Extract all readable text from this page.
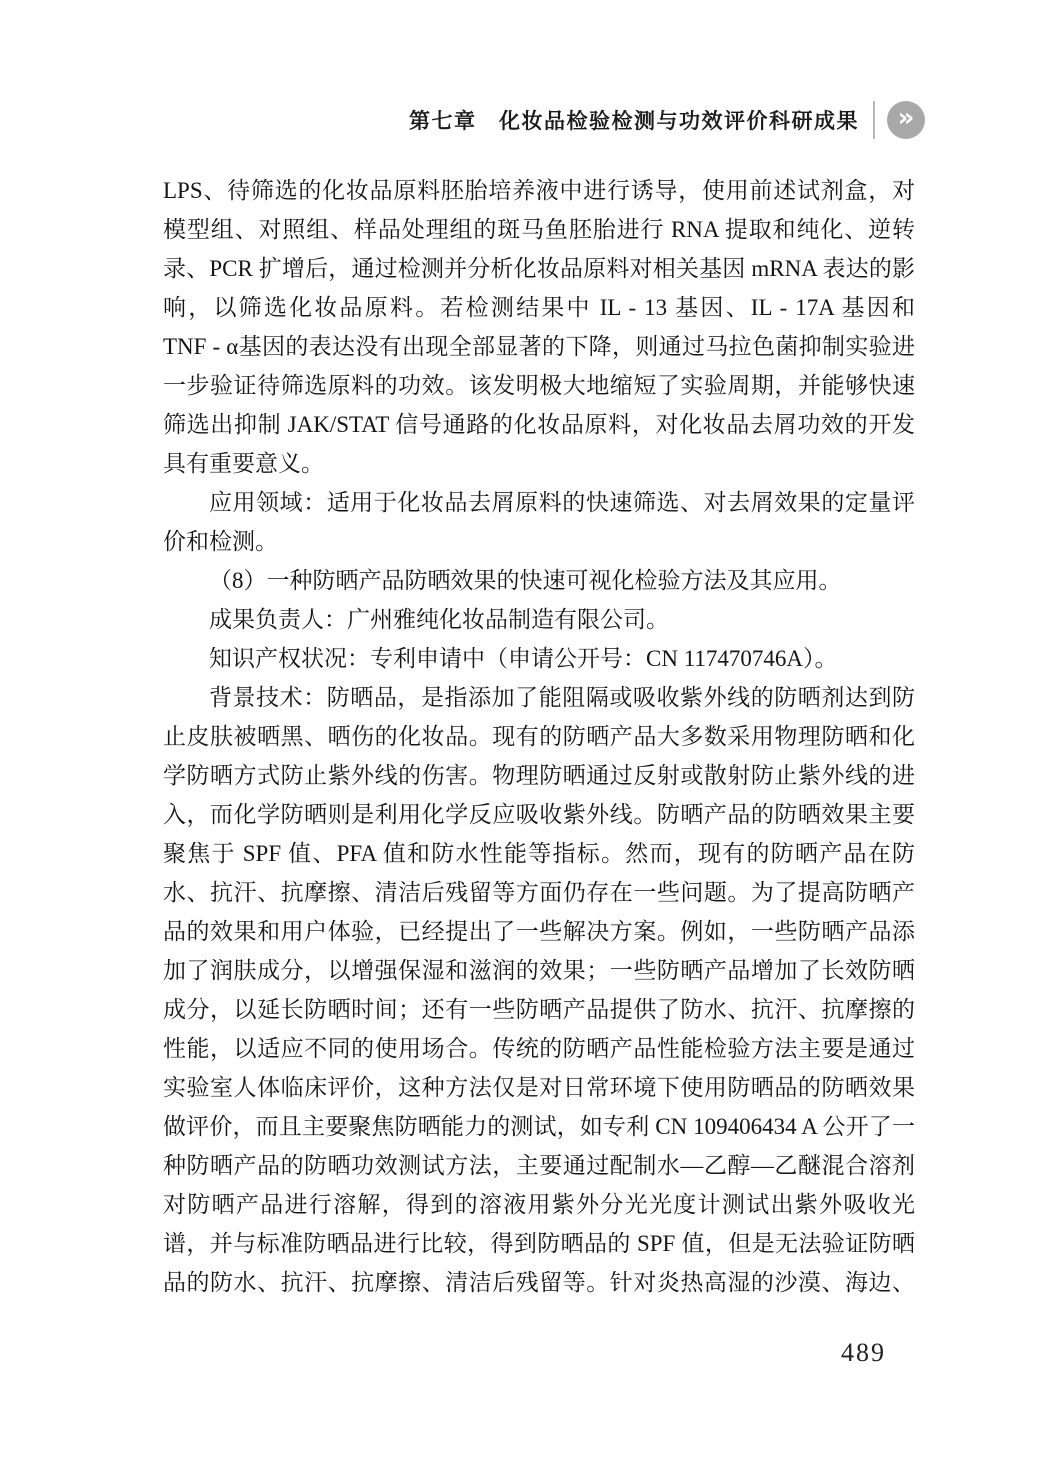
第七章　化妆品检验检测与功效评价科研成果	»
LPS、待筛选的化妆品原料胚胎培养液中进行诱导，使用前述试剂盒，对
模型组、对照组、样品处理组的斑马鱼胚胎进行 RNA 提取和纯化、逆转
录、PCR 扩增后，通过检测并分析化妆品原料对相关基因 mRNA 表达的影
响，以筛选化妆品原料。若检测结果中 IL - 13 基因、IL - 17A 基因和
TNF - α基因的表达没有出现全部显著的下降，则通过马拉色菌抑制实验进
一步验证待筛选原料的功效。该发明极大地缩短了实验周期，并能够快速
筛选出抑制 JAK/STAT 信号通路的化妆品原料，对化妆品去屑功效的开发
具有重要意义。
应用领域：适用于化妆品去屑原料的快速筛选、对去屑效果的定量评
价和检测。
（8）一种防晒产品防晒效果的快速可视化检验方法及其应用。
成果负责人：广州雅纯化妆品制造有限公司。
知识产权状况：专利申请中（申请公开号：CN 117470746A）。
背景技术：防晒品，是指添加了能阻隔或吸收紫外线的防晒剂达到防
止皮肤被晒黑、晒伤的化妆品。现有的防晒产品大多数采用物理防晒和化
学防晒方式防止紫外线的伤害。物理防晒通过反射或散射防止紫外线的进
入，而化学防晒则是利用化学反应吸收紫外线。防晒产品的防晒效果主要
聚焦于 SPF 值、PFA 值和防水性能等指标。然而，现有的防晒产品在防
水、抗汗、抗摩擦、清洁后残留等方面仍存在一些问题。为了提高防晒产
品的效果和用户体验，已经提出了一些解决方案。例如，一些防晒产品添
加了润肤成分，以增强保湿和滋润的效果；一些防晒产品增加了长效防晒
成分，以延长防晒时间；还有一些防晒产品提供了防水、抗汗、抗摩擦的
性能，以适应不同的使用场合。传统的防晒产品性能检验方法主要是通过
实验室人体临床评价，这种方法仅是对日常环境下使用防晒品的防晒效果
做评价，而且主要聚焦防晒能力的测试，如专利 CN 109406434 A 公开了一
种防晒产品的防晒功效测试方法，主要通过配制水—乙醇—乙醚混合溶剂
对防晒产品进行溶解，得到的溶液用紫外分光光度计测试出紫外吸收光
谱，并与标准防晒品进行比较，得到防晒品的 SPF 值，但是无法验证防晒
品的防水、抗汗、抗摩擦、清洁后残留等。针对炎热高湿的沙漠、海边、
489
